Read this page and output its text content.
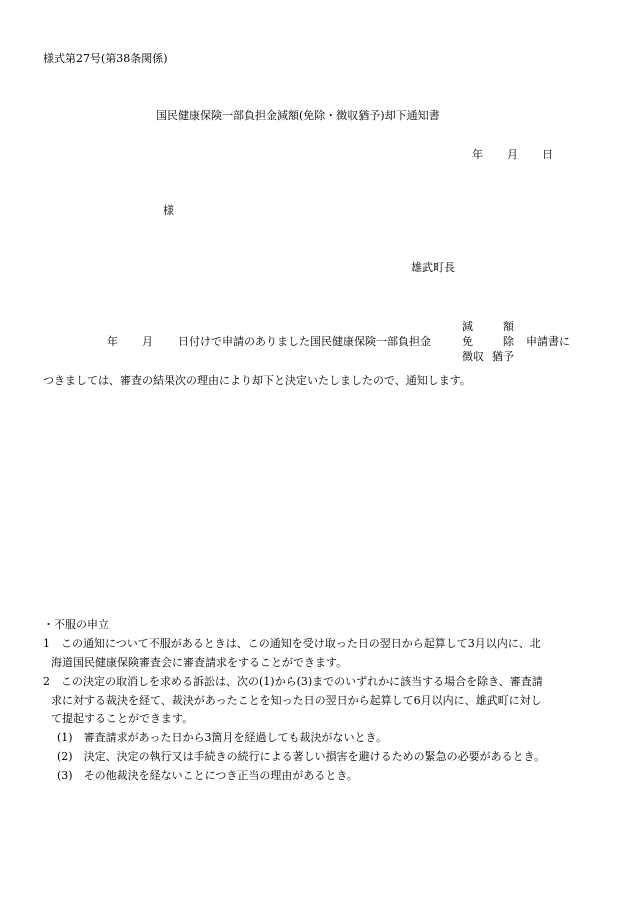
様式第27号(第38条関係)
国民健康保険一部負担金減額(免除・徴収猶予)却下通知書
年 月 日
様
雄武町長
年 月 日付けで申請のありました国民健康保険一部負担金
減	額
免	除
徴収 猶予
申請書に
つきましては、審査の結果次の理由により却下と決定いたしましたので、通知します。
・不服の申立
1　この通知について不服があるときは、この通知を受け取った日の翌日から起算して3月以内に、北
海道国民健康保険審査会に審査請求をすることができます。
2　この決定の取消しを求める訴訟は、次の(1)から(3)までのいずれかに該当する場合を除き、審査請
求に対する裁決を経て、裁決があったことを知った日の翌日から起算して6月以内に、雄武町に対し
て提起することができます。
(1)　審査請求があった日から3箇月を経過しても裁決がないとき。
(2)　決定、決定の執行又は手続きの続行による著しい損害を避けるための緊急の必要があるとき。
(3)　その他裁決を経ないことにつき正当の理由があるとき。
